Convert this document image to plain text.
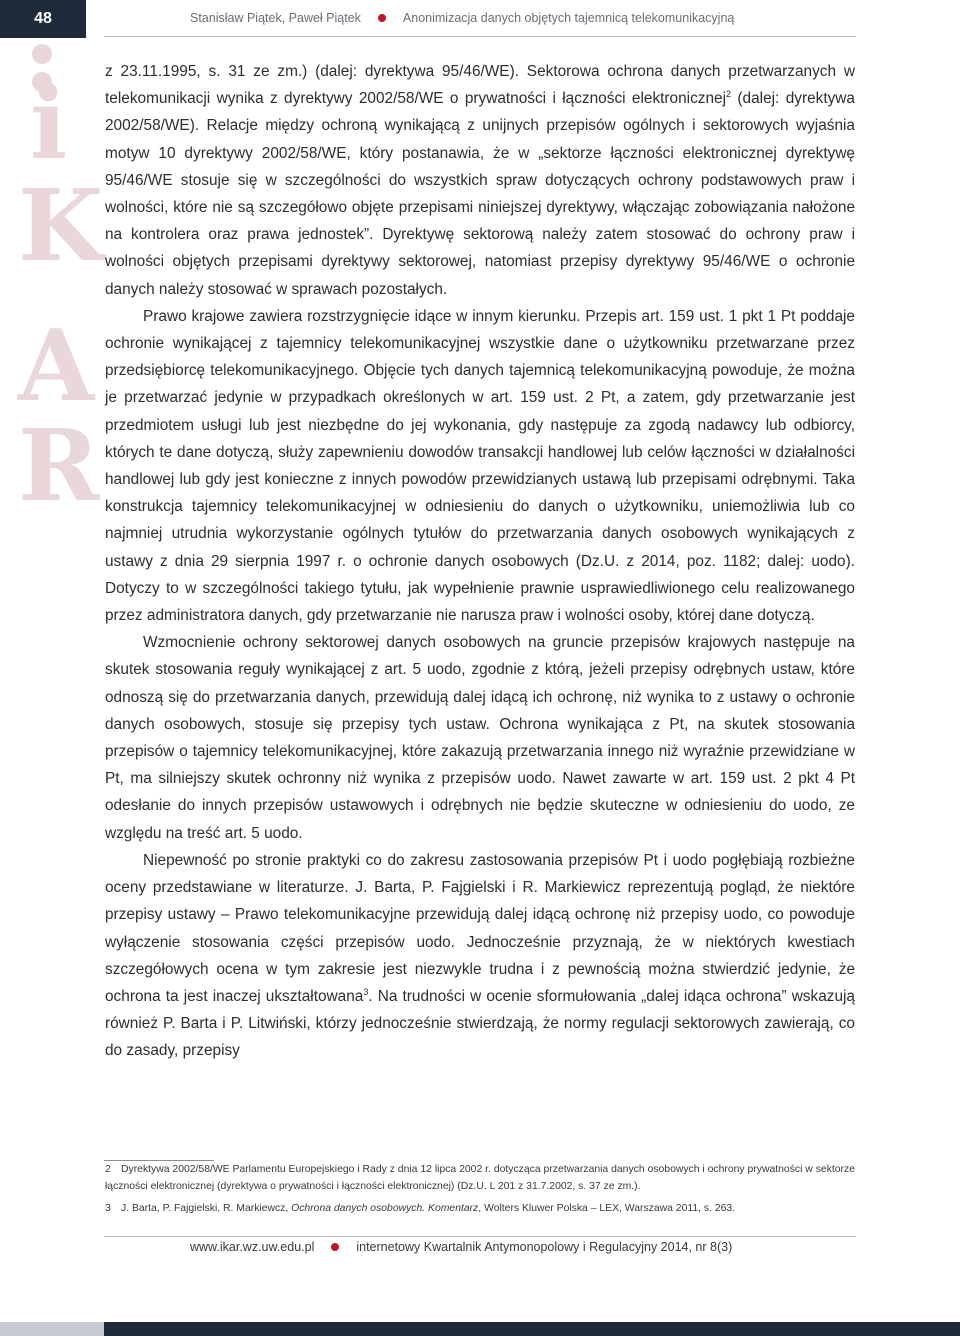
48	Stanisław Piątek, Paweł Piątek	Anonimizacja danych objętych tajemnicą telekomunikacyjną
i
K
A
R

z 23.11.1995, s. 31 ze zm.) (dalej: dyrektywa 95/46/WE). Sektorowa ochrona danych przetwarzanych w telekomunikacji wynika z dyrektywy 2002/58/WE o prywatności i łączności elektronicznej$^2$ (dalej: dyrektywa 2002/58/WE). Relacje między ochroną wynikającą z unijnych przepisów ogólnych i sektorowych wyjaśnia motyw 10 dyrektywy 2002/58/WE, który postanawia, że w „sektorze łączności elektronicznej dyrektywę 95/46/WE stosuje się w szczególności do wszystkich spraw dotyczących ochrony podstawowych praw i wolności, które nie są szczegółowo objęte przepisami niniejszej dyrektywy, włączając zobowiązania nałożone na kontrolera oraz prawa jednostek”. Dyrektywę sektorową należy zatem stosować do ochrony praw i wolności objętych przepisami dyrektywy sektorowej, natomiast przepisy dyrektywy 95/46/WE o ochronie danych należy stosować w sprawach pozostałych.

Prawo krajowe zawiera rozstrzygnięcie idące w innym kierunku. Przepis art. 159 ust. 1 pkt 1 Pt poddaje ochronie wynikającej z tajemnicy telekomunikacyjnej wszystkie dane o użytkowniku przetwarzane przez przedsiębiorcę telekomunikacyjnego. Objęcie tych danych tajemnicą telekomunikacyjną powoduje, że można je przetwarzać jedynie w przypadkach określonych w art. 159 ust. 2 Pt, a zatem, gdy przetwarzanie jest przedmiotem usługi lub jest niezbędne do jej wykonania, gdy następuje za zgodą nadawcy lub odbiorcy, których te dane dotyczą, służy zapewnieniu dowodów transakcji handlowej lub celów łączności w działalności handlowej lub gdy jest konieczne z innych powodów przewidzianych ustawą lub przepisami odrębnymi. Taka konstrukcja tajemnicy telekomunikacyjnej w odniesieniu do danych o użytkowniku, uniemożliwia lub co najmniej utrudnia wykorzystanie ogólnych tytułów do przetwarzania danych osobowych wynikających z ustawy z dnia 29 sierpnia 1997 r. o ochronie danych osobowych (Dz.U. z 2014, poz. 1182; dalej: uodo). Dotyczy to w szczególności takiego tytułu, jak wypełnienie prawnie usprawiedliwionego celu realizowanego przez administratora danych, gdy przetwarzanie nie narusza praw i wolności osoby, której dane dotyczą.

Wzmocnienie ochrony sektorowej danych osobowych na gruncie przepisów krajowych następuje na skutek stosowania reguły wynikającej z art. 5 uodo, zgodnie z którą, jeżeli przepisy odrębnych ustaw, które odnoszą się do przetwarzania danych, przewidują dalej idącą ich ochronę, niż wynika to z ustawy o ochronie danych osobowych, stosuje się przepisy tych ustaw. Ochrona wynikająca z Pt, na skutek stosowania przepisów o tajemnicy telekomunikacyjnej, które zakazują przetwarzania innego niż wyraźnie przewidziane w Pt, ma silniejszy skutek ochronny niż wynika z przepisów uodo. Nawet zawarte w art. 159 ust. 2 pkt 4 Pt odesłanie do innych przepisów ustawowych i odrębnych nie będzie skuteczne w odniesieniu do uodo, ze względu na treść art. 5 uodo.

Niepewność po stronie praktyki co do zakresu zastosowania przepisów Pt i uodo pogłębiają rozbieżne oceny przedstawiane w literaturze. J. Barta, P. Fajgielski i R. Markiewicz reprezentują pogląd, że niektóre przepisy ustawy – Prawo telekomunikacyjne przewidują dalej idącą ochronę niż przepisy uodo, co powoduje wyłączenie stosowania części przepisów uodo. Jednocześnie przyznają, że w niektórych kwestiach szczegółowych ocena w tym zakresie jest niezwykle trudna i z pewnością można stwierdzić jedynie, że ochrona ta jest inaczej ukształtowana$^3$. Na trudności w ocenie sformułowania „dalej idąca ochrona” wskazują również P. Barta i P. Litwiński, którzy jednocześnie stwierdzają, że normy regulacji sektorowych zawierają, co do zasady, przepisy

2 Dyrektywa 2002/58/WE Parlamentu Europejskiego i Rady z dnia 12 lipca 2002 r. dotycząca przetwarzania danych osobowych i ochrony prywatności w sektorze łączności elektronicznej (dyrektywa o prywatności i łączności elektronicznej) (Dz.U. L 201 z 31.7.2002, s. 37 ze zm.).

3 J. Barta, P. Fajgielski, R. Markiewcz, Ochrona danych osobowych. Komentarz, Wolters Kluwer Polska – LEX, Warszawa 2011, s. 263.

www.ikar.wz.uw.edu.pl	internetowy Kwartalnik Antymonopolowy i Regulacyjny 2014, nr 8(3)
